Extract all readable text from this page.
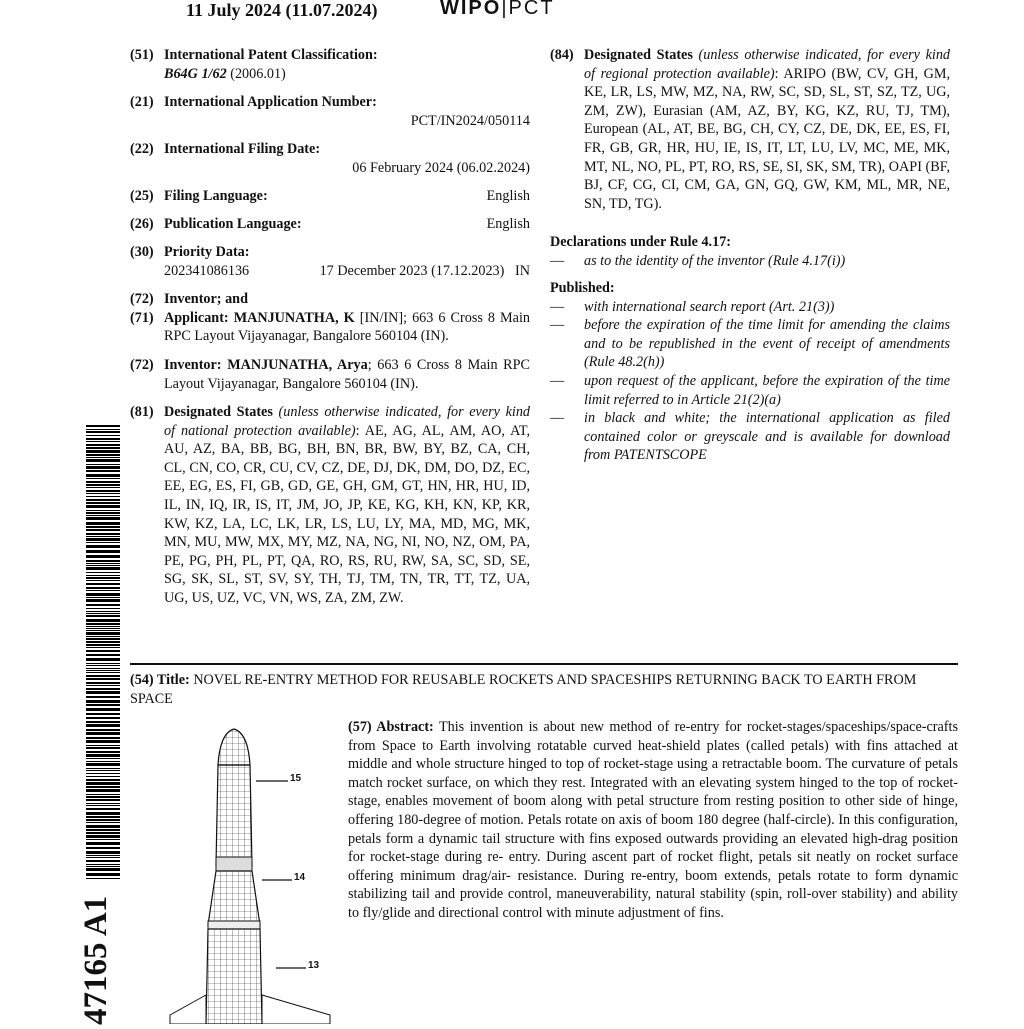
11 July 2024 (11.07.2024)	WIPO|PCT
(51) International Patent Classification:
B64G 1/62 (2006.01)
(21) International Application Number:
PCT/IN2024/050114
(22) International Filing Date:
06 February 2024 (06.02.2024)
(25) Filing Language:	English
(26) Publication Language:	English
(30) Priority Data:
202341086136	17 December 2023 (17.12.2023) IN
(72) Inventor; and
(71) Applicant: MANJUNATHA, K [IN/IN]; 663 6 Cross 8 Main RPC Layout Vijayanagar, Bangalore 560104 (IN).
(72) Inventor: MANJUNATHA, Arya; 663 6 Cross 8 Main RPC Layout Vijayanagar, Bangalore 560104 (IN).
(81) Designated States (unless otherwise indicated, for every kind of national protection available): AE, AG, AL, AM, AO, AT, AU, AZ, BA, BB, BG, BH, BN, BR, BW, BY, BZ, CA, CH, CL, CN, CO, CR, CU, CV, CZ, DE, DJ, DK, DM, DO, DZ, EC, EE, EG, ES, FI, GB, GD, GE, GH, GM, GT, HN, HR, HU, ID, IL, IN, IQ, IR, IS, IT, JM, JO, JP, KE, KG, KH, KN, KP, KR, KW, KZ, LA, LC, LK, LR, LS, LU, LY, MA, MD, MG, MK, MN, MU, MW, MX, MY, MZ, NA, NG, NI, NO, NZ, OM, PA, PE, PG, PH, PL, PT, QA, RO, RS, RU, RW, SA, SC, SD, SE, SG, SK, SL, ST, SV, SY, TH, TJ, TM, TN, TR, TT, TZ, UA, UG, US, UZ, VC, VN, WS, ZA, ZM, ZW.
(84) Designated States (unless otherwise indicated, for every kind of regional protection available): ARIPO (BW, CV, GH, GM, KE, LR, LS, MW, MZ, NA, RW, SC, SD, SL, ST, SZ, TZ, UG, ZM, ZW), Eurasian (AM, AZ, BY, KG, KZ, RU, TJ, TM), European (AL, AT, BE, BG, CH, CY, CZ, DE, DK, EE, ES, FI, FR, GB, GR, HR, HU, IE, IS, IT, LT, LU, LV, MC, ME, MK, MT, NL, NO, PL, PT, RO, RS, SE, SI, SK, SM, TR), OAPI (BF, BJ, CF, CG, CI, CM, GA, GN, GQ, GW, KM, ML, MR, NE, SN, TD, TG).
Declarations under Rule 4.17:
—	as to the identity of the inventor (Rule 4.17(i))
Published:
—	with international search report (Art. 21(3))
—	before the expiration of the time limit for amending the claims and to be republished in the event of receipt of amendments (Rule 48.2(h))
—	upon request of the applicant, before the expiration of the time limit referred to in Article 21(2)(a)
—	in black and white; the international application as filed contained color or greyscale and is available for download from PATENTSCOPE
47165 A1
(54) Title: NOVEL RE-ENTRY METHOD FOR REUSABLE ROCKETS AND SPACESHIPS RETURNING BACK TO EARTH FROM SPACE
15
14
13
(57) Abstract: This invention is about new method of re-entry for rocket-stages/spaceships/space-crafts from Space to Earth involving rotatable curved heat-shield plates (called petals) with fins attached at middle and whole structure hinged to top of rocket-stage using a retractable boom. The curvature of petals match rocket surface, on which they rest. Integrated with an elevating system hinged to the top of rocket-stage, enables movement of boom along with petal structure from resting position to other side of hinge, offering 180-degree of motion. Petals rotate on axis of boom 180 degree (half-circle). In this configuration, petals form a dynamic tail structure with fins exposed outwards providing an elevated high-drag position for rocket-stage during re- entry. During ascent part of rocket flight, petals sit neatly on rocket surface offering minimum drag/air- resistance. During re-entry, boom extends, petals rotate to form dynamic stabilizing tail and provide control, maneuverability, natural stability (spin, roll-over stability) and ability to fly/glide and directional control with minute adjustment of fins.
